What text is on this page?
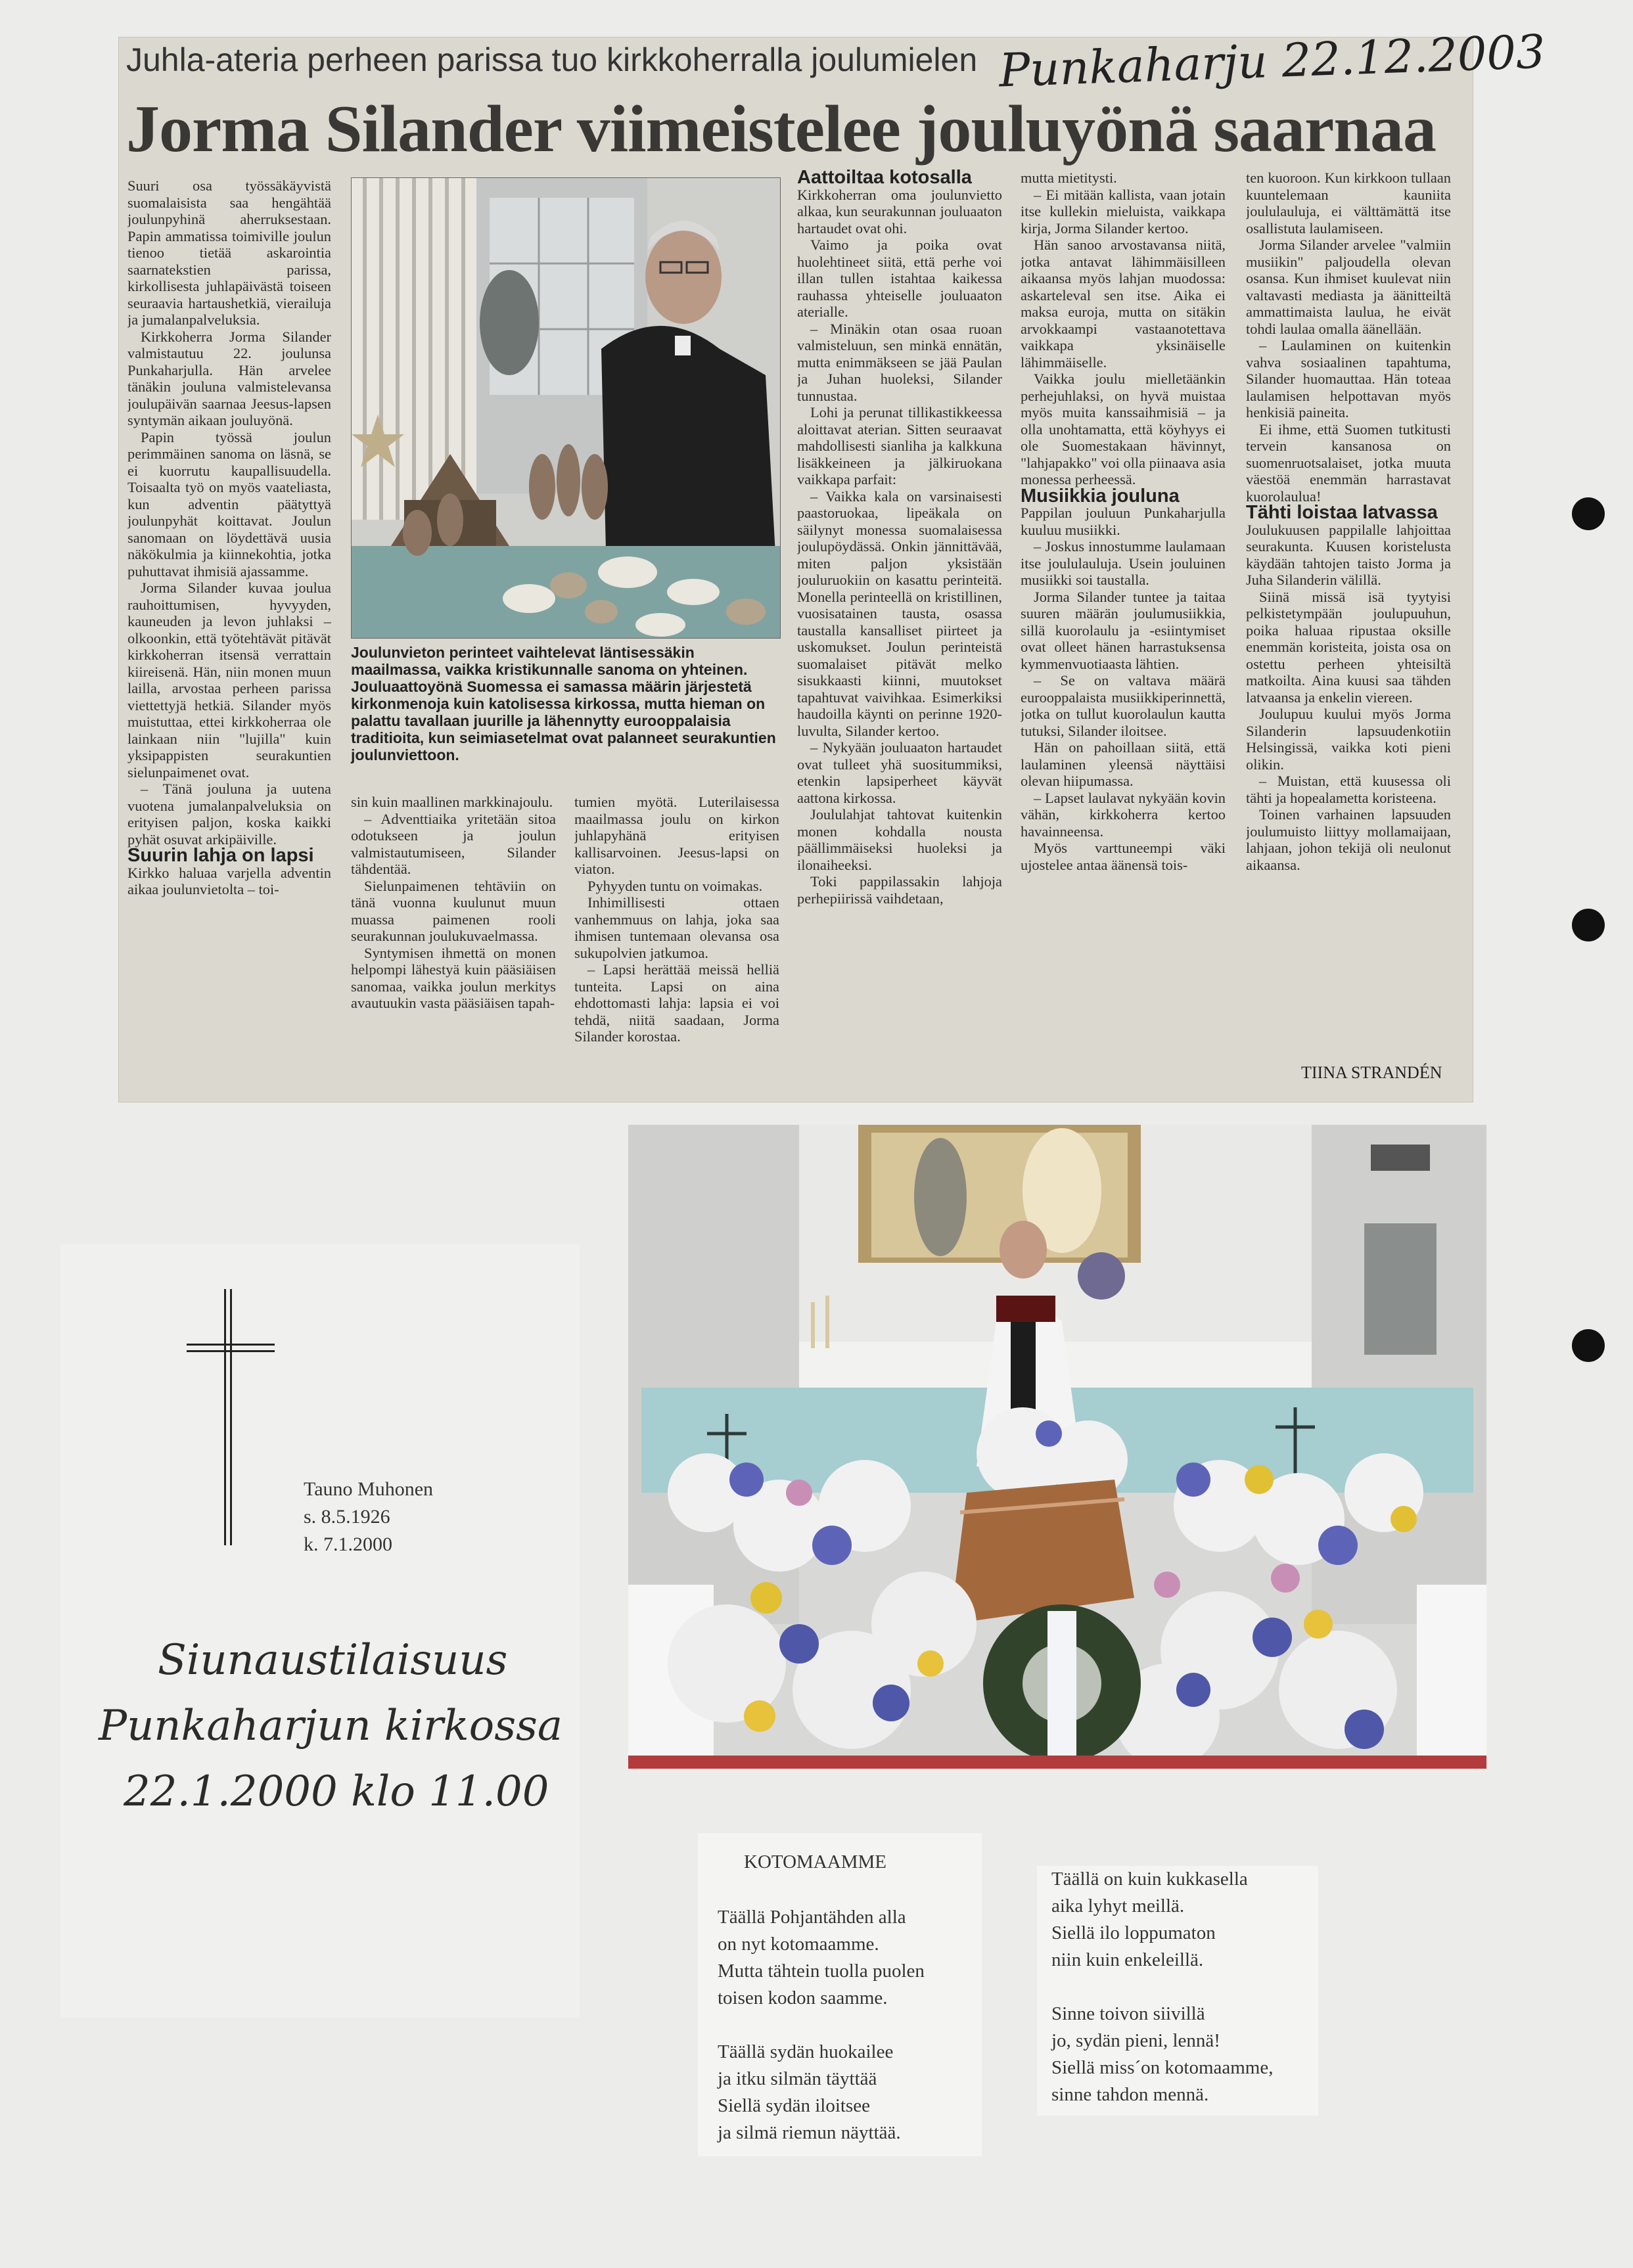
Juhla-ateria perheen parissa tuo kirkkoherralla joulumielen Punkaharju 22.12.2003
Jorma Silander viimeistelee jouluyönä saarnaa

Suuri osa työssäkäyvistä suomalaisista saa hengähtää joulunpyhinä aherruksestaan. Papin ammatissa toimiville joulun tienoo tietää askarointia saarnatekstien parissa, kirkollisesta juhlapäivästä toiseen seuraavia hartaushetkiä, vierailuja ja jumalanpalveluksia.

Kirkkoherra Jorma Silander valmistautuu 22. joulunsa Punkaharjulla. Hän arvelee tänäkin jouluna valmistelevansa joulupäivän saarnaa Jeesus-lapsen syntymän aikaan jouluyönä.

Papin työssä joulun perimmäinen sanoma on läsnä, se ei kuorrutu kaupallisuudella. Toisaalta työ on myös vaateliasta, kun adventin päätyttyä joulunpyhät koittavat. Joulun sanomaan on löydettävä uusia näkökulmia ja kiinnekohtia, jotka puhuttavat ihmisiä ajassamme.

Jorma Silander kuvaa joulua rauhoittumisen, hyvyyden, kauneuden ja levon juhlaksi – olkoonkin, että työtehtävät pitävät kirkkoherran itsensä verrattain kiireisenä. Hän, niin monen muun lailla, arvostaa perheen parissa viettettyjä hetkiä. Silander myös muistuttaa, ettei kirkkoherraa ole lainkaan niin "lujilla" kuin yksipappisten seurakuntien sielunpaimenet ovat.

– Tänä jouluna ja uutena vuotena jumalanpalveluksia on erityisen paljon, koska kaikki pyhät osuvat arkipäiville.

Suurin lahja on lapsi

Kirkko haluaa varjella adventin aikaa joulunvietolta – toi-

Joulunvieton perinteet vaihtelevat läntisessäkin maailmassa, vaikka kristikunnalle sanoma on yhteinen. Jouluaattoyönä Suomessa ei samassa määrin järjestetä kirkonmenoja kuin katolisessa kirkossa, mutta hieman on palattu tavallaan juurille ja lähennytty eurooppalaisia traditioita, kun seimiasetelmat ovat palanneet seurakuntien joulunviettoon.

sin kuin maallinen markkinajoulu.

– Adventtiaika yritetään sitoa odotukseen ja joulun valmistautumiseen, Silander tähdentää.

Sielunpaimenen tehtäviin on tänä vuonna kuulunut muun muassa paimenen rooli seurakunnan joulukuvaelmassa.

Syntymisen ihmettä on monen helpompi lähestyä kuin pääsiäisen sanomaa, vaikka joulun merkitys avautuukin vasta pääsiäisen tapah-

tumien myötä. Luterilaisessa maailmassa joulu on kirkon juhlapyhänä erityisen kallisarvoinen. Jeesus-lapsi on viaton.

Pyhyyden tuntu on voimakas.

Inhimillisesti ottaen vanhemmuus on lahja, joka saa ihmisen tuntemaan olevansa osa sukupolvien jatkumoa.

– Lapsi herättää meissä helliä tunteita. Lapsi on aina ehdottomasti lahja: lapsia ei voi tehdä, niitä saadaan, Jorma Silander korostaa.

Aattoiltaa kotosalla

Kirkkoherran oma joulunvietto alkaa, kun seurakunnan jouluaaton hartaudet ovat ohi.

Vaimo ja poika ovat huolehtineet siitä, että perhe voi illan tullen istahtaa kaikessa rauhassa yhteiselle jouluaaton aterialle.

– Minäkin otan osaa ruoan valmisteluun, sen minkä ennätän, mutta enimmäkseen se jää Paulan ja Juhan huoleksi, Silander tunnustaa.

Lohi ja perunat tillikastikkeessa aloittavat aterian. Sitten seuraavat mahdollisesti sianliha ja kalkkuna lisäkkeineen ja jälkiruokana vaikkapa parfait:

– Vaikka kala on varsinaisesti paastoruokaa, lipeäkala on säilynyt monessa suomalaisessa joulupöydässä. Onkin jännittävää, miten paljon yksistään jouluruokiin on kasattu perinteitä. Monella perinteellä on kristillinen, vuosisatainen tausta, osassa taustalla kansalliset piirteet ja uskomukset. Joulun perinteistä suomalaiset pitävät melko sisukkaasti kiinni, muutokset tapahtuvat vaivihkaa. Esimerkiksi haudoilla käynti on perinne 1920-luvulta, Silander kertoo.

– Nykyään jouluaaton hartaudet ovat tulleet yhä suositummiksi, etenkin lapsiperheet käyvät aattona kirkossa.

Joululahjat tahtovat kuitenkin monen kohdalla nousta päällimmäiseksi huoleksi ja ilonaiheeksi.

Toki pappilassakin lahjoja perhepiirissä vaihdetaan,

mutta mietitysti.

– Ei mitään kallista, vaan jotain itse kullekin mieluista, vaikkapa kirja, Jorma Silander kertoo.

Hän sanoo arvostavansa niitä, jotka antavat lähimmäisilleen aikaansa myös lahjan muodossa: askarteleval sen itse. Aika ei maksa euroja, mutta on sitäkin arvokkaampi vastaanotettava vaikkapa yksinäiselle lähimmäiselle.

Vaikka joulu mielletäänkin perhejuhlaksi, on hyvä muistaa myös muita kanssaihmisiä – ja olla unohtamatta, että köyhyys ei ole Suomestakaan hävinnyt, "lahjapakko" voi olla piinaava asia monessa perheessä.

Musiikkia jouluna

Pappilan jouluun Punkaharjulla kuuluu musiikki.

– Joskus innostumme laulamaan itse joululauluja. Usein jouluinen musiikki soi taustalla.

Jorma Silander tuntee ja taitaa suuren määrän joulumusiikkia, sillä kuorolaulu ja -esiintymiset ovat olleet hänen harrastuksensa kymmenvuotiaasta lähtien.

– Se on valtava määrä eurooppalaista musiikkiperinnettä, jotka on tullut kuorolaulun kautta tutuksi, Silander iloitsee.

Hän on pahoillaan siitä, että laulaminen yleensä näyttäisi olevan hiipumassa.

– Lapset laulavat nykyään kovin vähän, kirkkoherra kertoo havainneensa.

Myös varttuneempi väki ujostelee antaa äänensä tois-

ten kuoroon. Kun kirkkoon tullaan kuuntelemaan kauniita joululauluja, ei välttämättä itse osallistuta laulamiseen.

Jorma Silander arvelee "valmiin musiikin" paljoudella olevan osansa. Kun ihmiset kuulevat niin valtavasti mediasta ja äänitteiltä ammattimaista laulua, he eivät tohdi laulaa omalla äänellään.

– Laulaminen on kuitenkin vahva sosiaalinen tapahtuma, Silander huomauttaa. Hän toteaa laulamisen helpottavan myös henkisiä paineita.

Ei ihme, että Suomen tutkitusti tervein kansanosa on suomenruotsalaiset, jotka muuta väestöä enemmän harrastavat kuorolaulua!

Tähti loistaa latvassa

Joulukuusen pappilalle lahjoittaa seurakunta. Kuusen koristelusta käydään tahtojen taisto Jorma ja Juha Silanderin välillä.

Siinä missä isä tyytyisi pelkistetympään joulupuuhun, poika haluaa ripustaa oksille enemmän koristeita, joista osa on ostettu perheen yhteisiltä matkoilta. Aina kuusi saa tähden latvaansa ja enkelin viereen.

Joulupuu kuului myös Jorma Silanderin lapsuudenkotiin Helsingissä, vaikka koti pieni olikin.

– Muistan, että kuusessa oli tähti ja hopealametta koristeena.

Toinen varhainen lapsuuden joulumuisto liittyy mollamaijaan, lahjaan, johon tekijä oli neulonut aikaansa.

TIINA STRANDÉN
Tauno Muhonen
s. 8.5.1926
k. 7.1.2000
Siunaustilaisuus
Punkaharjun kirkossa
22.1.2000 klo 11.00
KOTOMAAMME
Täällä Pohjantähden alla
on nyt kotomaamme.
Mutta tähtein tuolla puolen
toisen kodon saamme.
Täällä sydän huokailee
ja itku silmän täyttää
Siellä sydän iloitsee
ja silmä riemun näyttää.
Täällä on kuin kukkasella
aika lyhyt meillä.
Siellä ilo loppumaton
niin kuin enkeleillä.
Sinne toivon siivillä
jo, sydän pieni, lennä!
Siellä miss´on kotomaamme,
sinne tahdon mennä.
